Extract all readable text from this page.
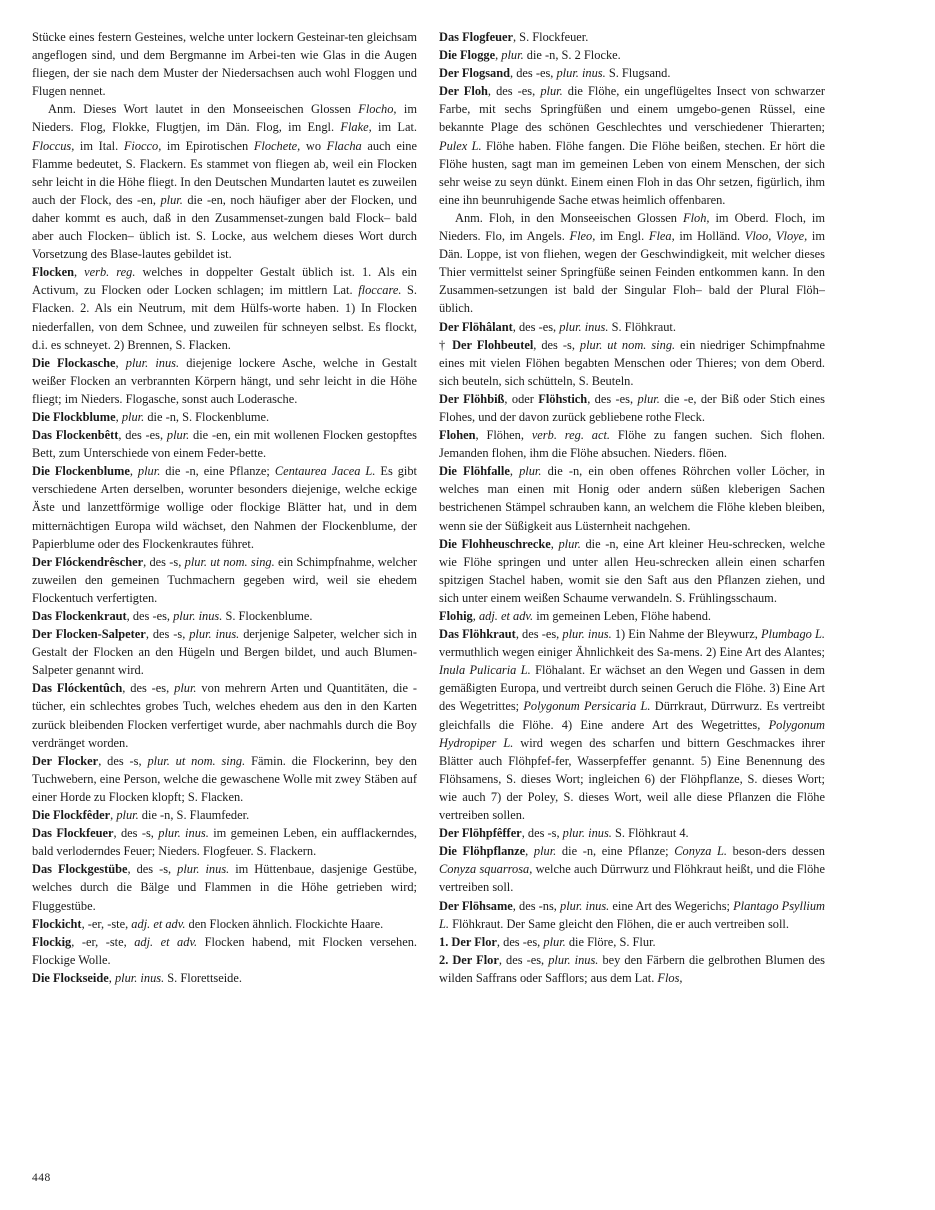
Stücke eines festern Gesteines, welche unter lockern Gesteinar-ten gleichsam angeflogen sind, und dem Bergmanne im Arbei-ten wie Glas in die Augen fliegen, der sie nach dem Muster der Niedersachsen auch wohl Floggen und Flugen nennet.

Anm. Dieses Wort lautet in den Monseeischen Glossen Flocho, im Nieders. Flog, Flokke, Flugtjen, im Dän. Flog, im Engl. Flake, im Lat. Floccus, im Ital. Fiocco, im Epirotischen Flochete, wo Flacha auch eine Flamme bedeutet, S. Flackern. Es stammet von fliegen ab, weil ein Flocken sehr leicht in die Höhe fliegt. In den Deutschen Mundarten lautet es zuweilen auch der Flock, des -en, plur. die -en, noch häufiger aber der Flocken, und daher kommt es auch, daß in den Zusammenset-zungen bald Flock– bald aber auch Flocken– üblich ist. S. Locke, aus welchem dieses Wort durch Vorsetzung des Blase-lautes gebildet ist.

Flocken, verb. reg. welches in doppelter Gestalt üblich ist. 1. Als ein Activum, zu Flocken oder Locken schlagen; im mittlern Lat. floccare. S. Flacken. 2. Als ein Neutrum, mit dem Hülfs-worte haben. 1) In Flocken niederfallen, von dem Schnee, und zuweilen für schneyen selbst. Es flockt, d.i. es schneyet. 2) Brennen, S. Flacken.

Die Flockasche, plur. inus. diejenige lockere Asche, welche in Gestalt weißer Flocken an verbrannten Körpern hängt, und sehr leicht in die Höhe fliegt; im Nieders. Flogasche, sonst auch Loderasche.

Die Flockblume, plur. die -n, S. Flockenblume.

Das Flockenbêtt, des -es, plur. die -en, ein mit wollenen Flocken gestopftes Bett, zum Unterschiede von einem Feder-bette.

Die Flockenblume, plur. die -n, eine Pflanze; Centaurea Jacea L. Es gibt verschiedene Arten derselben, worunter besonders diejenige, welche eckige Äste und lanzettförmige wollige oder flockige Blätter hat, und in dem mitternächtigen Europa wild wächset, den Nahmen der Flockenblume, der Papierblume oder des Flockenkrautes führet.

Der Flóckendrêscher, des -s, plur. ut nom. sing. ein Schimpfnahme, welcher zuweilen den gemeinen Tuchmachern gegeben wird, weil sie ehedem Flockentuch verfertigten.

Das Flockenkraut, des -es, plur. inus. S. Flockenblume.

Der Flocken-Salpeter, des -s, plur. inus. derjenige Salpeter, welcher sich in Gestalt der Flocken an den Hügeln und Bergen bildet, und auch Blumen-Salpeter genannt wird.

Das Flóckentûch, des -es, plur. von mehrern Arten und Quantitäten, die -tücher, ein schlechtes grobes Tuch, welches ehedem aus den in den Karten zurück bleibenden Flocken verfertiget wurde, aber nachmahls durch die Boy verdränget worden.

Der Flocker, des -s, plur. ut nom. sing. Fämin. die Flockerinn, bey den Tuchwebern, eine Person, welche die gewaschene Wolle mit zwey Stäben auf einer Horde zu Flocken klopft; S. Flacken.

Die Flockfêder, plur. die -n, S. Flaumfeder.

Das Flockfeuer, des -s, plur. inus. im gemeinen Leben, ein aufflackerndes, bald verloderndes Feuer; Nieders. Flogfeuer. S. Flackern.

Das Flockgestübe, des -s, plur. inus. im Hüttenbaue, dasjenige Gestübe, welches durch die Bälge und Flammen in die Höhe getrieben wird; Fluggestübe.

Flockicht, -er, -ste, adj. et adv. den Flocken ähnlich. Flockichte Haare.

Flockig, -er, -ste, adj. et adv. Flocken habend, mit Flocken versehen. Flockige Wolle.

Die Flockseide, plur. inus. S. Florettseide.

Das Flogfeuer, S. Flockfeuer.

Die Flogge, plur. die -n, S. 2 Flocke.

Der Flogsand, des -es, plur. inus. S. Flugsand.

Der Floh, des -es, plur. die Flöhe, ein ungeflügeltes Insect von schwarzer Farbe, mit sechs Springfüßen und einem umgebo-genen Rüssel, eine bekannte Plage des schönen Geschlechtes und verschiedener Thierarten; Pulex L. Flöhe haben. Flöhe fangen. Die Flöhe beißen, stechen. Er hört die Flöhe husten, sagt man im gemeinen Leben von einem Menschen, der sich sehr weise zu seyn dünkt. Einem einen Floh in das Ohr setzen, figürlich, ihm eine ihn beunruhigende Sache etwas heimlich offenbaren.

Anm. Floh, in den Monseeischen Glossen Floh, im Oberd. Floch, im Nieders. Flo, im Angels. Fleo, im Engl. Flea, im Holländ. Vloo, Vloye, im Dän. Loppe, ist von fliehen, wegen der Geschwindigkeit, mit welcher dieses Thier vermittelst seiner Springfüße seinen Feinden entkommen kann. In den Zusammen-setzungen ist bald der Singular Floh– bald der Plural Flöh– üblich.

Der Flöhâlant, des -es, plur. inus. S. Flöhkraut.

† Der Flohbeutel, des -s, plur. ut nom. sing. ein niedriger Schimpfnahme eines mit vielen Flöhen begabten Menschen oder Thieres; von dem Oberd. sich beuteln, sich schütteln, S. Beuteln.

Der Flöhbiß, oder Flöhstich, des -es, plur. die -e, der Biß oder Stich eines Flohes, und der davon zurück gebliebene rothe Fleck.

Flohen, Flöhen, verb. reg. act. Flöhe zu fangen suchen. Sich flohen. Jemanden flohen, ihm die Flöhe absuchen. Nieders. flöen.

Die Flöhfalle, plur. die -n, ein oben offenes Röhrchen voller Löcher, in welches man einen mit Honig oder andern süßen kleberigen Sachen bestrichenen Stämpel schrauben kann, an welchem die Flöhe kleben bleiben, wenn sie der Süßigkeit aus Lüsternheit nachgehen.

Die Flohheuschrecke, plur. die -n, eine Art kleiner Heu-schrecken, welche wie Flöhe springen und unter allen Heu-schrecken allein einen scharfen spitzigen Stachel haben, womit sie den Saft aus den Pflanzen ziehen, und sich unter einem weißen Schaume verwandeln. S. Frühlingsschaum.

Flohig, adj. et adv. im gemeinen Leben, Flöhe habend.

Das Flöhkraut, des -es, plur. inus. 1) Ein Nahme der Bleywurz, Plumbago L. vermuthlich wegen einiger Ähnlichkeit des Sa-mens. 2) Eine Art des Alantes; Inula Pulicaria L. Flöhalant. Er wächset an den Wegen und Gassen in dem gemäßigten Europa, und vertreibt durch seinen Geruch die Flöhe. 3) Eine Art des Wegetrittes; Polygonum Persicaria L. Dürrkraut, Dürrwurz. Es vertreibt gleichfalls die Flöhe. 4) Eine andere Art des Wegetrittes, Polygonum Hydropiper L. wird wegen des scharfen und bittern Geschmackes ihrer Blätter auch Flöhpfef-fer, Wasserpfeffer genannt. 5) Eine Benennung des Flöhsamens, S. dieses Wort; ingleichen 6) der Flöhpflanze, S. dieses Wort; wie auch 7) der Poley, S. dieses Wort, weil alle diese Pflanzen die Flöhe vertreiben sollen.

Der Flöhpfêffer, des -s, plur. inus. S. Flöhkraut 4.

Die Flöhpflanze, plur. die -n, eine Pflanze; Conyza L. beson-ders dessen Conyza squarrosa, welche auch Dürrwurz und Flöhkraut heißt, und die Flöhe vertreiben soll.

Der Flöhsame, des -ns, plur. inus. eine Art des Wegerichs; Plantago Psyllium L. Flöhkraut. Der Same gleicht den Flöhen, die er auch vertreiben soll.

1. Der Flor, des -es, plur. die Flöre, S. Flur.

2. Der Flor, des -es, plur. inus. bey den Färbern die gelbrothen Blumen des wilden Saffrans oder Safflors; aus dem Lat. Flos,

448
